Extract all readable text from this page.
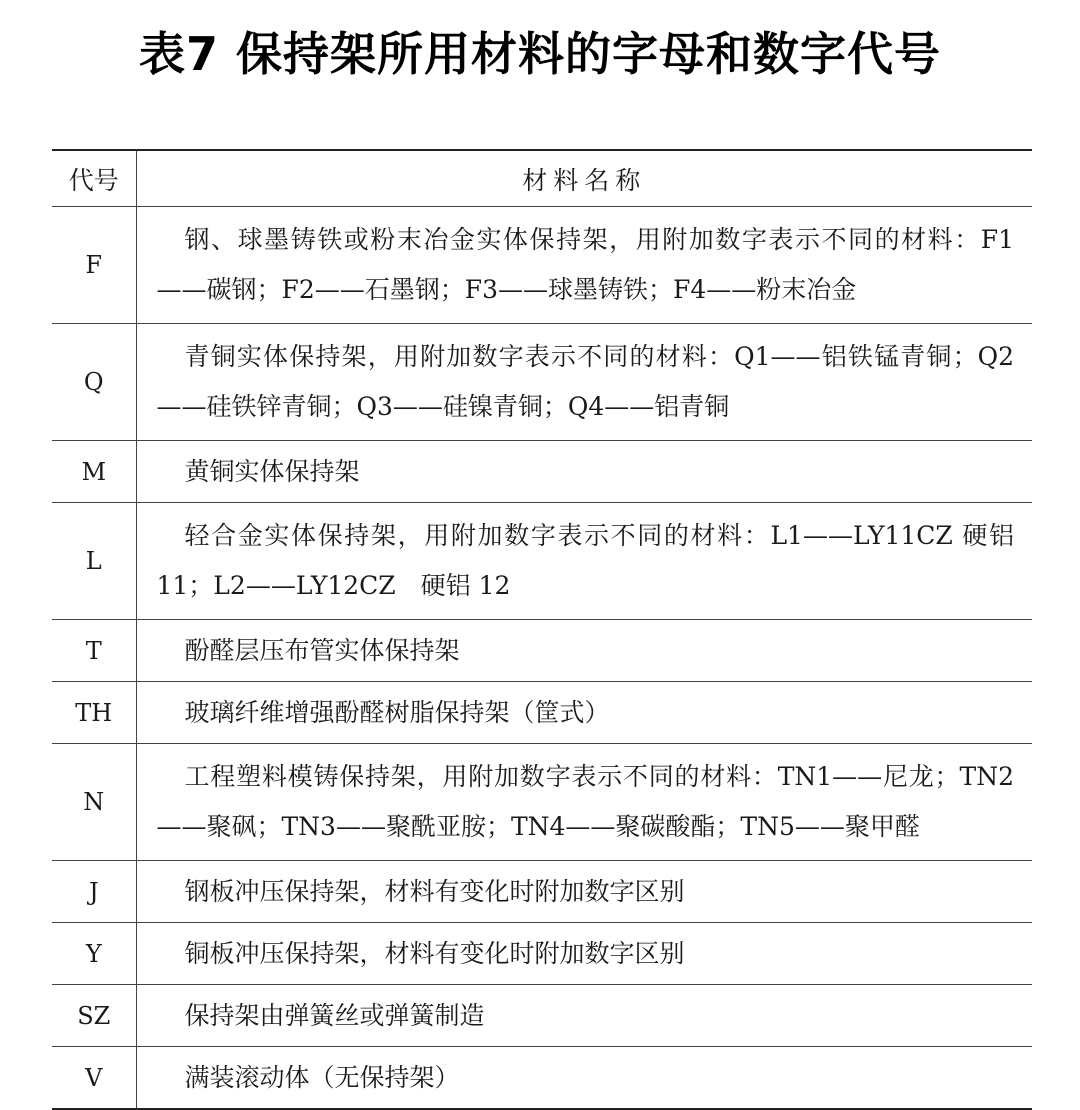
表7 保持架所用材料的字母和数字代号
代号	材料名称
F	钢、球墨铸铁或粉末冶金实体保持架，用附加数字表示不同的材料：F1——碳钢；F2——石墨钢；F3——球墨铸铁；F4——粉末冶金
Q	青铜实体保持架，用附加数字表示不同的材料：Q1——铝铁锰青铜；Q2——硅铁锌青铜；Q3——硅镍青铜；Q4——铝青铜
M	黄铜实体保持架
L	轻合金实体保持架，用附加数字表示不同的材料：L1——LY11CZ 硬铝 11；L2——LY12CZ　硬铝 12
T	酚醛层压布管实体保持架
TH	玻璃纤维增强酚醛树脂保持架（筐式）
N	工程塑料模铸保持架，用附加数字表示不同的材料：TN1——尼龙；TN2——聚砜；TN3——聚酰亚胺；TN4——聚碳酸酯；TN5——聚甲醛
J	钢板冲压保持架，材料有变化时附加数字区别
Y	铜板冲压保持架，材料有变化时附加数字区别
SZ	保持架由弹簧丝或弹簧制造
V	满装滚动体（无保持架）
